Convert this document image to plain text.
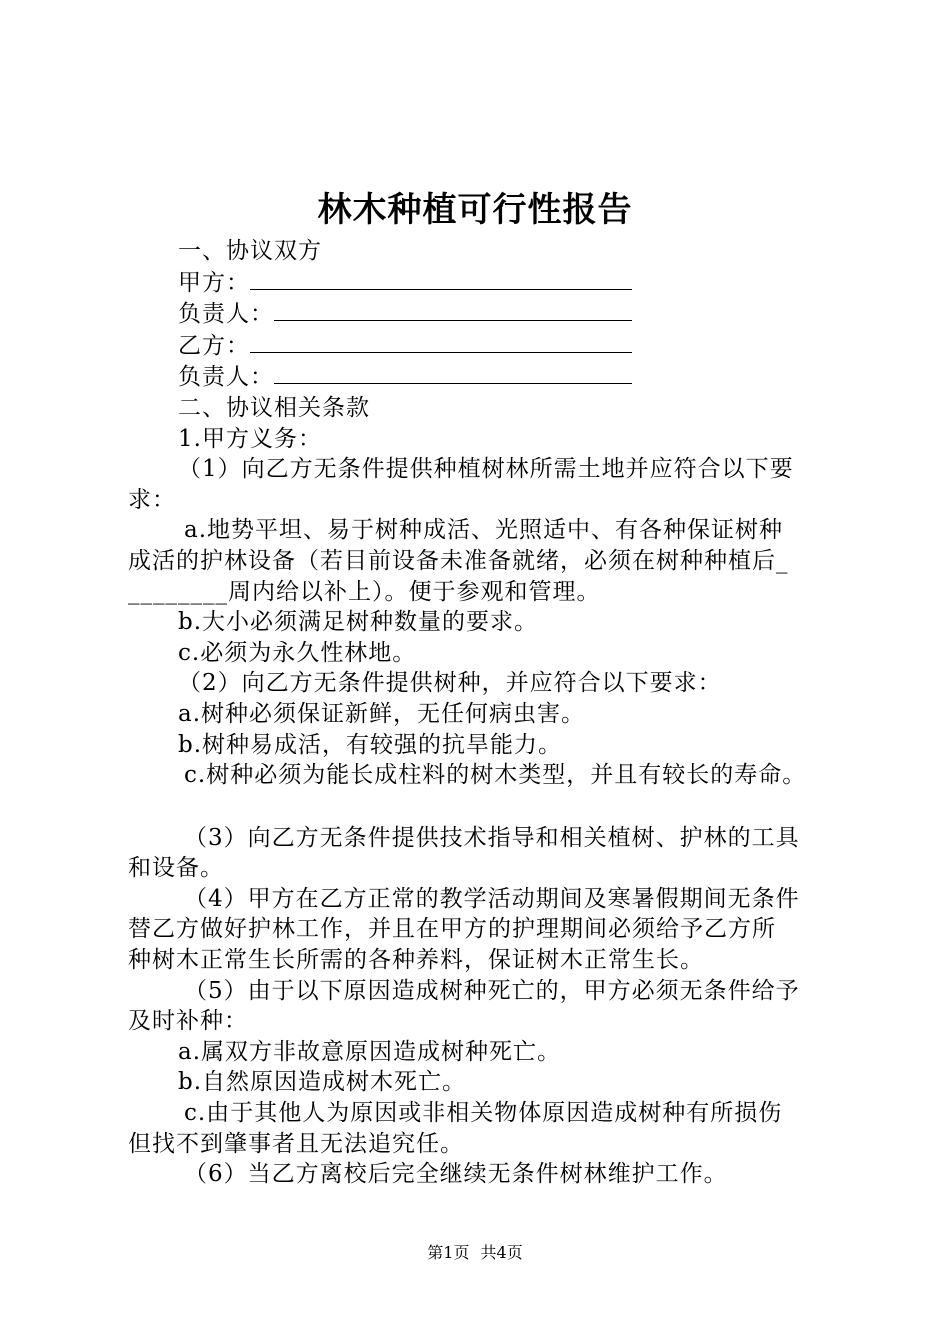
林木种植可行性报告
一、协议双方
甲方：
负责人：
乙方：
负责人：
二、协议相关条款
1.甲方义务：
（1）向乙方无条件提供种植树林所需土地并应符合以下要
求：
a.地势平坦、易于树种成活、光照适中、有各种保证树种
成活的护林设备（若目前设备未准备就绪，必须在树种种植后_
________周内给以补上）。便于参观和管理。
b.大小必须满足树种数量的要求。
c.必须为永久性林地。
（2）向乙方无条件提供树种，并应符合以下要求：
a.树种必须保证新鲜，无任何病虫害。
b.树种易成活，有较强的抗旱能力。
c.树种必须为能长成柱料的树木类型，并且有较长的寿命。
（3）向乙方无条件提供技术指导和相关植树、护林的工具
和设备。
（4）甲方在乙方正常的教学活动期间及寒暑假期间无条件
替乙方做好护林工作，并且在甲方的护理期间必须给予乙方所
种树木正常生长所需的各种养料，保证树木正常生长。
（5）由于以下原因造成树种死亡的，甲方必须无条件给予
及时补种：
a.属双方非故意原因造成树种死亡。
b.自然原因造成树木死亡。
c.由于其他人为原因或非相关物体原因造成树种有所损伤
但找不到肇事者且无法追究任。
（6）当乙方离校后完全继续无条件树林维护工作。
第1页 共4页
